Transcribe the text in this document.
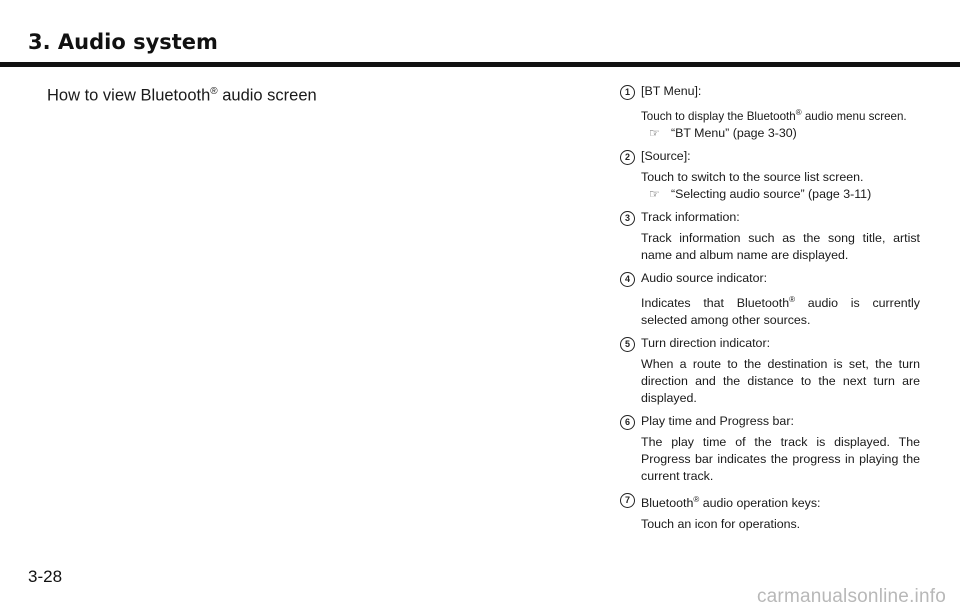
3. Audio system
How to view Bluetooth® audio screen	1 [BT Menu]:
Touch to display the Bluetooth® audio menu screen.
☞ “BT Menu” (page 3-30)
2 [Source]:
Touch to switch to the source list screen.
☞ “Selecting audio source” (page 3-11)
3 Track information:
Track information such as the song title, artist name and album name are displayed.
4 Audio source indicator:
Indicates that Bluetooth® audio is currently selected among other sources.
5 Turn direction indicator:
When a route to the destination is set, the turn direction and the distance to the next turn are displayed.
6 Play time and Progress bar:
The play time of the track is displayed. The Progress bar indicates the progress in playing the current track.
7 Bluetooth® audio operation keys:
Touch an icon for operations.
3-28
carmanualsonline.info
